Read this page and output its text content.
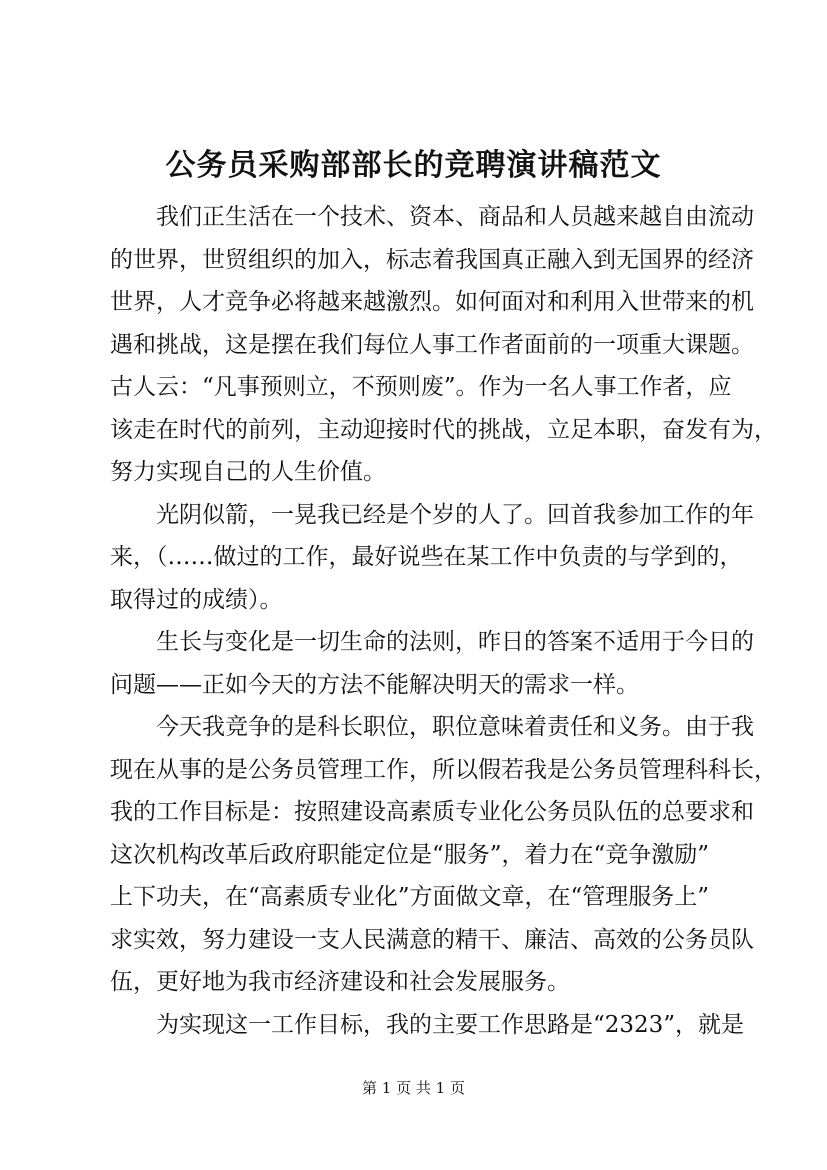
公务员采购部部长的竞聘演讲稿范文
　　我们正生活在一个技术、资本、商品和人员越来越自由流动
的世界，世贸组织的加入，标志着我国真正融入到无国界的经济
世界，人才竞争必将越来越激烈。如何面对和利用入世带来的机
遇和挑战，这是摆在我们每位人事工作者面前的一项重大课题。
古人云：“凡事预则立，不预则废”。作为一名人事工作者，应
该走在时代的前列，主动迎接时代的挑战，立足本职，奋发有为，
努力实现自己的人生价值。
　　光阴似箭，一晃我已经是个岁的人了。回首我参加工作的年
来，（……做过的工作，最好说些在某工作中负责的与学到的，
取得过的成绩）。
　　生长与变化是一切生命的法则，昨日的答案不适用于今日的
问题——正如今天的方法不能解决明天的需求一样。
　　今天我竞争的是科长职位，职位意味着责任和义务。由于我
现在从事的是公务员管理工作，所以假若我是公务员管理科科长，
我的工作目标是：按照建设高素质专业化公务员队伍的总要求和
这次机构改革后政府职能定位是“服务”，着力在“竞争激励”
上下功夫，在“高素质专业化”方面做文章，在“管理服务上”
求实效，努力建设一支人民满意的精干、廉洁、高效的公务员队
伍，更好地为我市经济建设和社会发展服务。
　　为实现这一工作目标，我的主要工作思路是“2323”，就是
第 1 页 共 1 页
